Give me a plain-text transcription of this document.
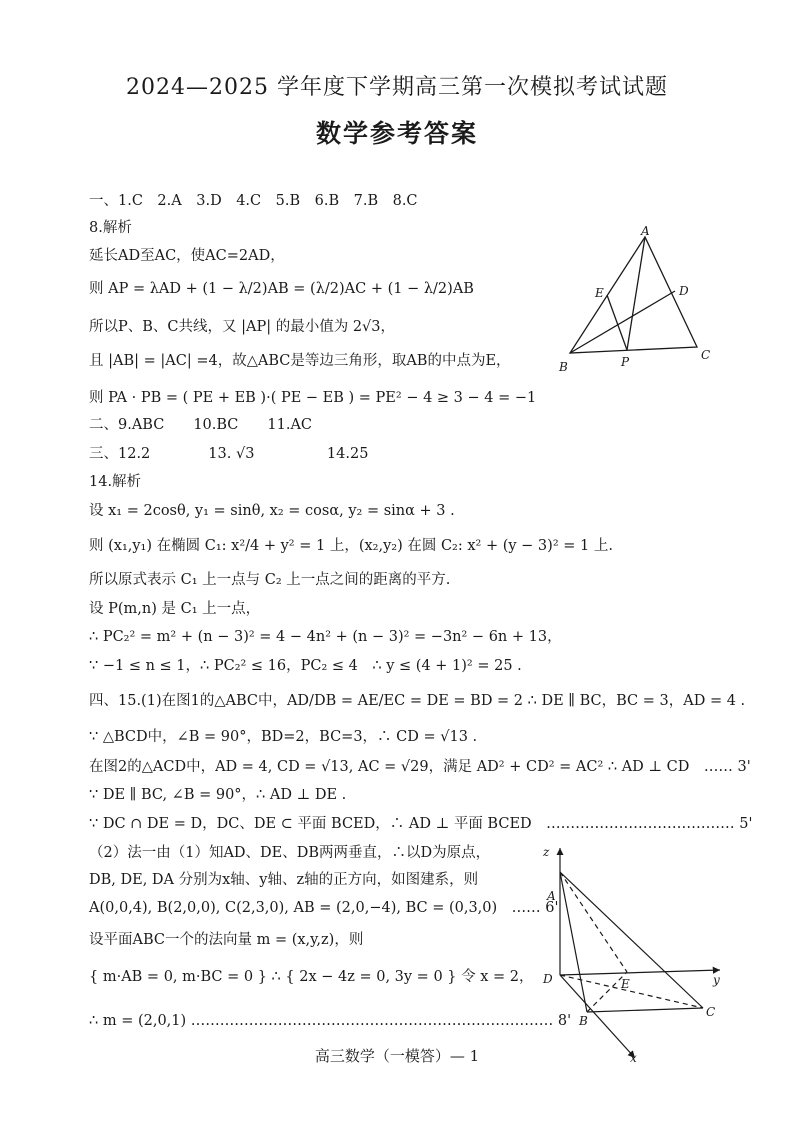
2024—2025 学年度下学期高三第一次模拟考试试题
数学参考答案
一、1.C　2.A　3.D　4.C　5.B　6.B　7.B　8.C
8.解析
延长AD至AC，使AC=2AD，
则 AP = λAD + (1 − λ/2)AB = (λ/2)AC + (1 − λ/2)AB
所以P、B、C共线，又 |AP| 的最小值为 2√3，
且 |AB| = |AC| =4，故△ABC是等边三角形，取AB的中点为E，
则 PA · PB = ( PE + EB )·( PE − EB ) = PE² − 4 ≥ 3 − 4 = −1
二、9.ABC　　10.BC　　11.AC
三、12.2　　　　13. √3　　　　　14.25
14.解析
设 x₁ = 2cosθ, y₁ = sinθ, x₂ = cosα, y₂ = sinα + 3 .
则 (x₁,y₁) 在椭圆 C₁: x²/4 + y² = 1 上，(x₂,y₂) 在圆 C₂: x² + (y − 3)² = 1 上.
所以原式表示 C₁ 上一点与 C₂ 上一点之间的距离的平方.
设 P(m,n) 是 C₁ 上一点，
∴ PC₂² = m² + (n − 3)² = 4 − 4n² + (n − 3)² = −3n² − 6n + 13，
∵ −1 ≤ n ≤ 1，∴ PC₂² ≤ 16，PC₂ ≤ 4　∴ y ≤ (4 + 1)² = 25 .
四、15.(1)在图1的△ABC中，AD/DB = AE/EC = DE = BD = 2 ∴ DE ∥ BC，BC = 3，AD = 4 .
∵ △BCD中，∠B = 90°，BD=2，BC=3，∴ CD = √13 .
在图2的△ACD中，AD = 4, CD = √13, AC = √29，满足 AD² + CD² = AC² ∴ AD ⊥ CD　…… 3'
∵ DE ∥ BC, ∠B = 90°，∴ AD ⊥ DE .
∵ DC ∩ DE = D，DC、DE ⊂ 平面 BCED，∴ AD ⊥ 平面 BCED　………………………………… 5'
（2）法一由（1）知AD、DE、DB两两垂直，∴以D为原点，
DB, DE, DA 分别为x轴、y轴、z轴的正方向，如图建系，则
A(0,0,4), B(2,0,0), C(2,3,0), AB = (2,0,−4), BC = (0,3,0)　…… 6'
设平面ABC一个的法向量 m = (x,y,z)，则
{ m·AB = 0, m·BC = 0 } ∴ { 2x − 4z = 0, 3y = 0 } 令 x = 2，
∴ m = (2,0,1) ………………………………………………………………… 8'
A
B
C
D
E
P
z
A
D	E	y
B
C
x
高三数学（一模答）— 1
